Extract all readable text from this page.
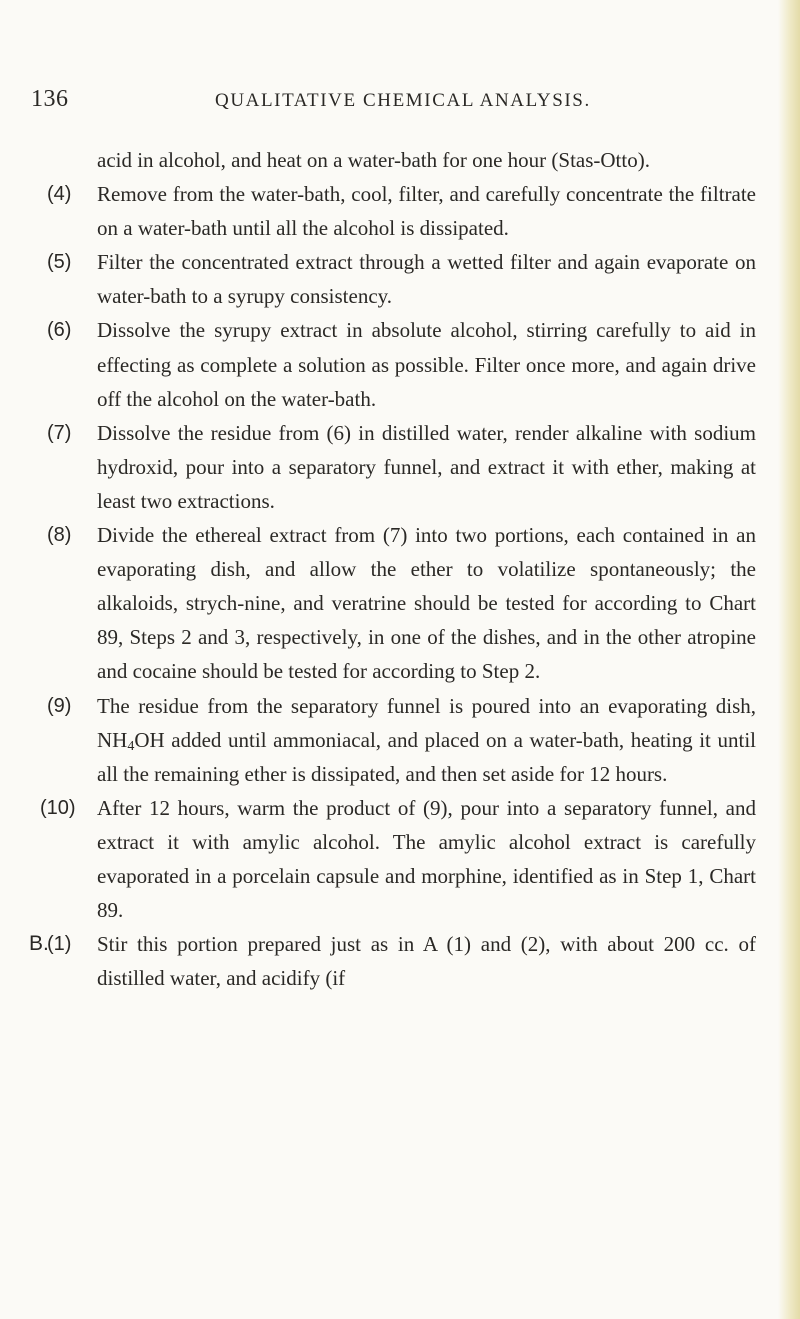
136	QUALITATIVE CHEMICAL ANALYSIS.

acid in alcohol, and heat on a water-bath for one hour (Stas-Otto).

(4) Remove from the water-bath, cool, filter, and carefully concentrate the filtrate on a water-bath until all the alcohol is dissipated.

(5) Filter the concentrated extract through a wetted filter and again evaporate on water-bath to a syrupy consistency.

(6) Dissolve the syrupy extract in absolute alcohol, stirring carefully to aid in effecting as complete a solution as possible. Filter once more, and again drive off the alcohol on the water-bath.

(7) Dissolve the residue from (6) in distilled water, render alkaline with sodium hydroxid, pour into a separatory funnel, and extract it with ether, making at least two extractions.

(8) Divide the ethereal extract from (7) into two portions, each contained in an evaporating dish, and allow the ether to volatilize spontaneously; the alkaloids, strych-nine, and veratrine should be tested for according to Chart 89, Steps 2 and 3, respectively, in one of the dishes, and in the other atropine and cocaine should be tested for according to Step 2.

(9) The residue from the separatory funnel is poured into an evaporating dish, $NH_4OH$ added until ammoniacal, and placed on a water-bath, heating it until all the remaining ether is dissipated, and then set aside for 12 hours.

(10) After 12 hours, warm the product of (9), pour into a separatory funnel, and extract it with amylic alcohol. The amylic alcohol extract is carefully evaporated in a porcelain capsule and morphine, identified as in Step 1, Chart 89.

B.
(1) Stir this portion prepared just as in A (1) and (2), with about 200 cc. of distilled water, and acidify (if
